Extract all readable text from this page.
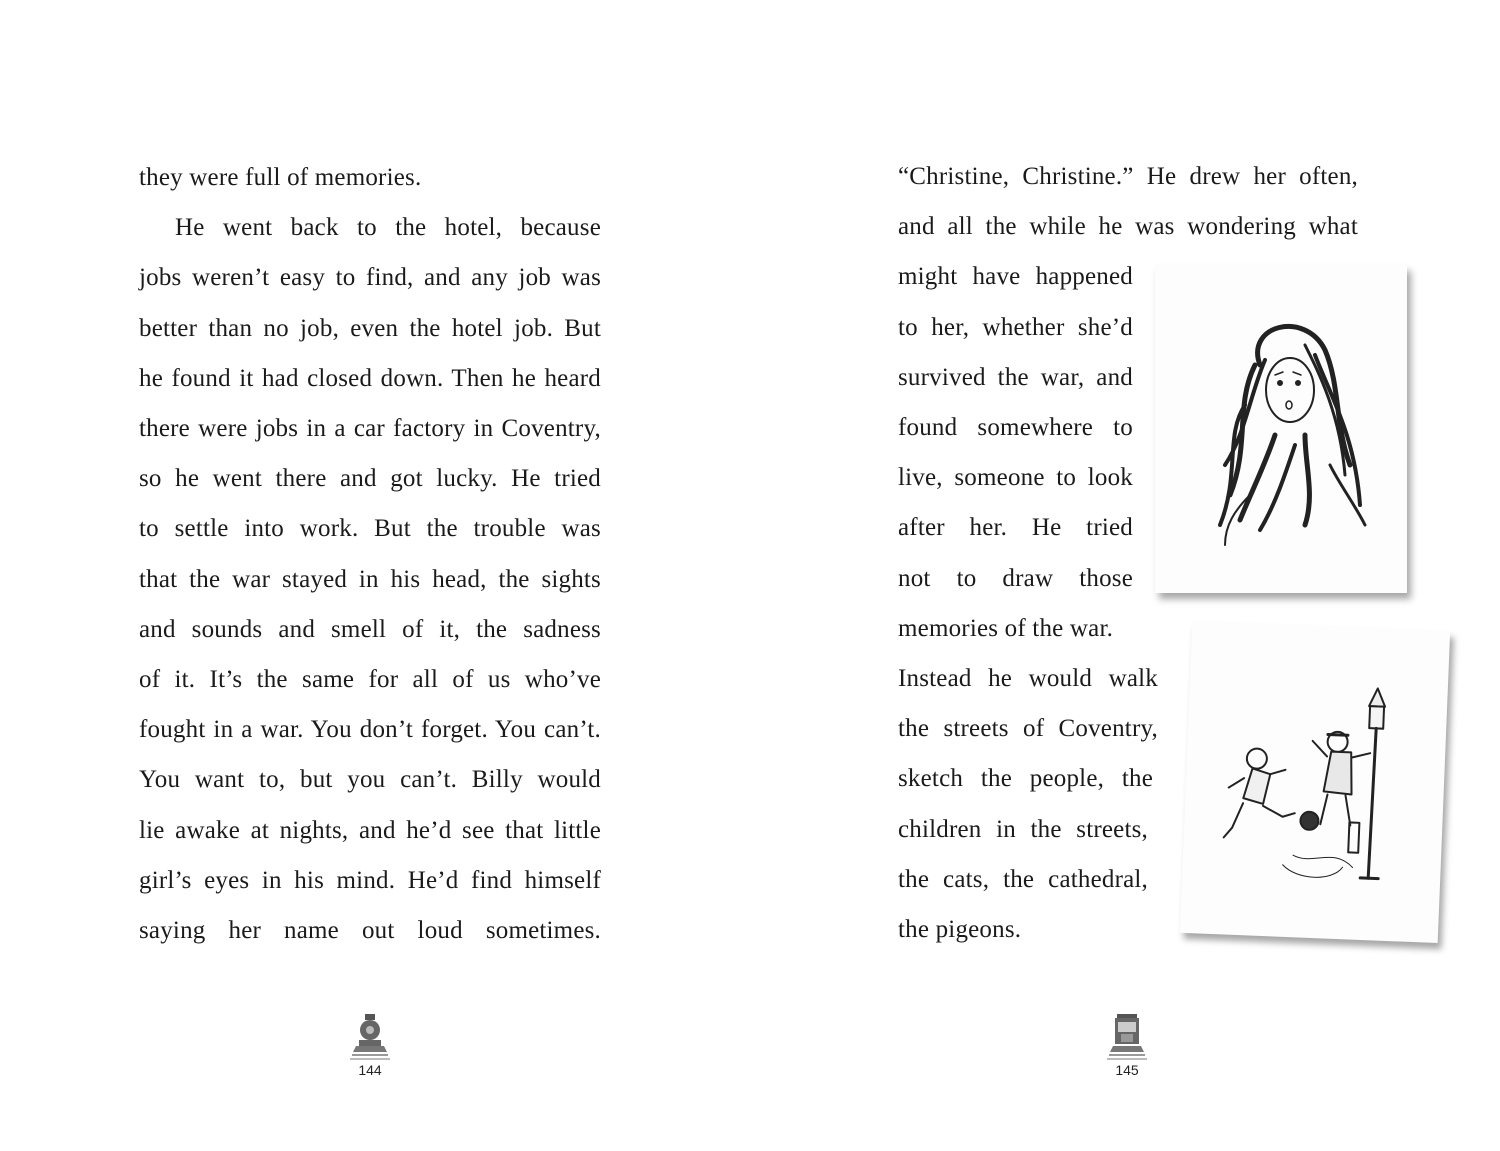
they were full of memories.
He went back to the hotel, because
jobs weren’t easy to find, and any job was
better than no job, even the hotel job. But
he found it had closed down. Then he heard
there were jobs in a car factory in Coventry,
so he went there and got lucky. He tried
to settle into work. But the trouble was
that the war stayed in his head, the sights
and sounds and smell of it, the sadness
of it. It’s the same for all of us who’ve
fought in a war. You don’t forget. You can’t.
You want to, but you can’t. Billy would
lie awake at nights, and he’d see that little
girl’s eyes in his mind. He’d find himself
saying her name out loud sometimes.
144
“Christine, Christine.” He drew her often,
and all the while he was wondering what
might have happened
to her, whether she’d
survived the war, and
found somewhere to
live, someone to look
after her. He tried
not to draw those
memories of the war.
Instead he would walk
the streets of Coventry,
sketch the people, the
children in the streets,
the cats, the cathedral,
the pigeons.
145
